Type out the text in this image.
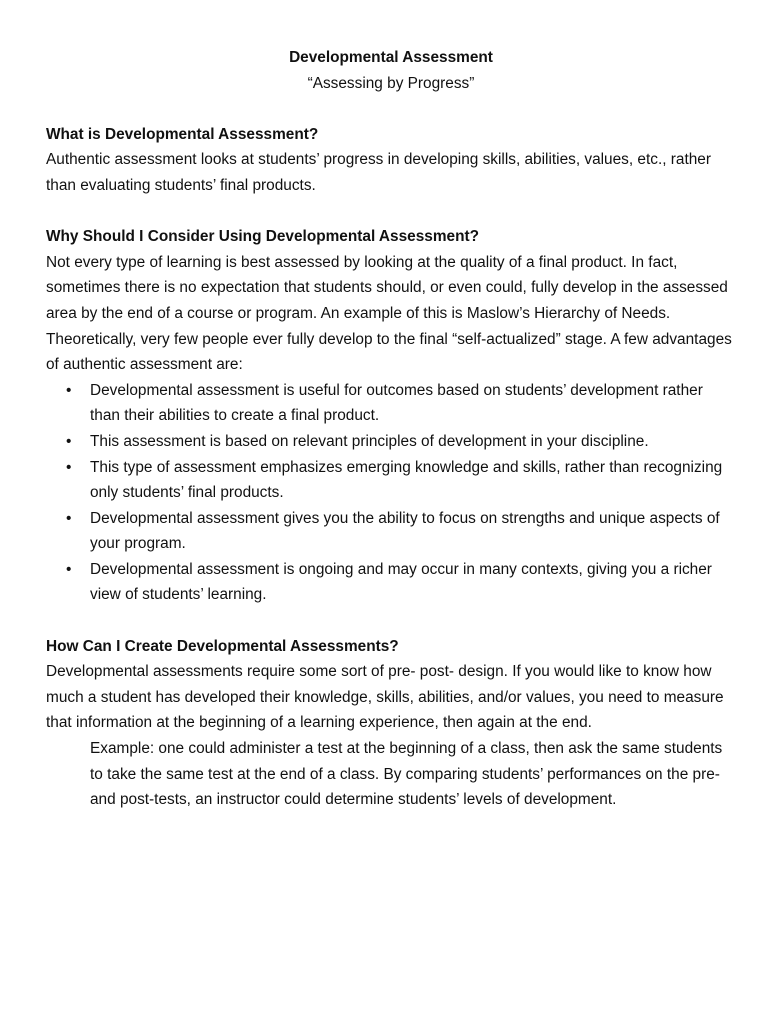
Developmental Assessment
“Assessing by Progress”
What is Developmental Assessment?

Authentic assessment looks at students’ progress in developing skills, abilities, values, etc., rather than evaluating students’ final products.

Why Should I Consider Using Developmental Assessment?

Not every type of learning is best assessed by looking at the quality of a final product. In fact, sometimes there is no expectation that students should, or even could, fully develop in the assessed area by the end of a course or program. An example of this is Maslow’s Hierarchy of Needs. Theoretically, very few people ever fully develop to the final “self-actualized” stage. A few advantages of authentic assessment are:

• Developmental assessment is useful for outcomes based on students’ development rather than their abilities to create a final product.
• This assessment is based on relevant principles of development in your discipline.
• This type of assessment emphasizes emerging knowledge and skills, rather than recognizing only students’ final products.
• Developmental assessment gives you the ability to focus on strengths and unique aspects of your program.
• Developmental assessment is ongoing and may occur in many contexts, giving you a richer view of students’ learning.
How Can I Create Developmental Assessments?

Developmental assessments require some sort of pre- post- design. If you would like to know how much a student has developed their knowledge, skills, abilities, and/or values, you need to measure that information at the beginning of a learning experience, then again at the end.

Example: one could administer a test at the beginning of a class, then ask the same students to take the same test at the end of a class. By comparing students’ performances on the pre- and post-tests, an instructor could determine students’ levels of development.
